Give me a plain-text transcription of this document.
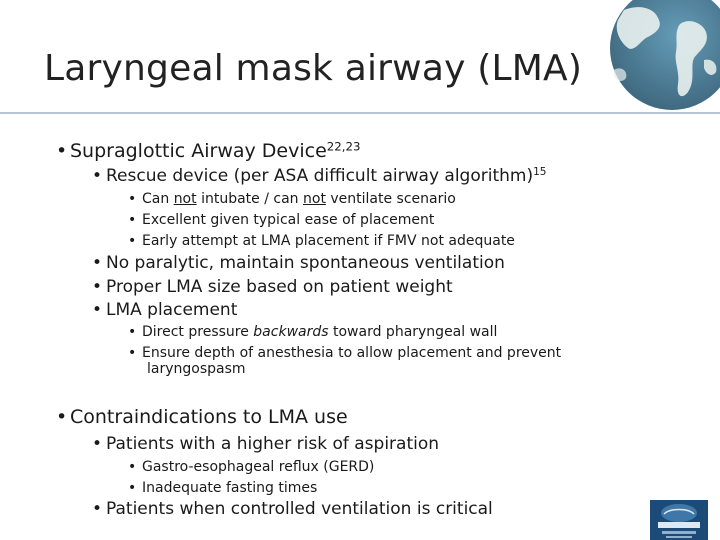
Laryngeal mask airway (LMA)
• Supraglottic Airway Device$^{22,23}$
• Rescue device (per ASA difficult airway algorithm)$^{15}$
• Can not intubate / can not ventilate scenario
• Excellent given typical ease of placement
• Early attempt at LMA placement if FMV not adequate
• No paralytic, maintain spontaneous ventilation
• Proper LMA size based on patient weight
• LMA placement
• Direct pressure backwards toward pharyngeal wall
• Ensure depth of anesthesia to allow placement and prevent
laryngospasm
• Contraindications to LMA use
• Patients with a higher risk of aspiration
• Gastro-esophageal reflux (GERD)
• Inadequate fasting times
• Patients when controlled ventilation is critical
